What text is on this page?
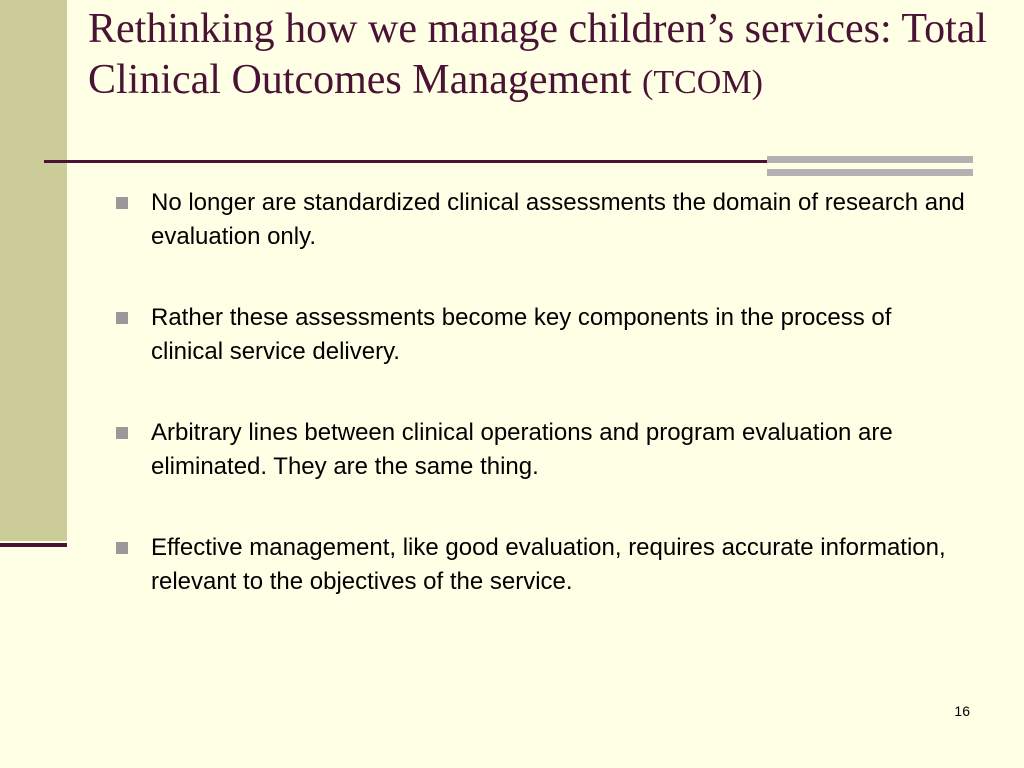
Rethinking how we manage children’s services: Total Clinical Outcomes Management (TCOM)
No longer are standardized clinical assessments the domain of research and evaluation only.
Rather these assessments become key components in the process of clinical service delivery.
Arbitrary lines between clinical operations and program evaluation are eliminated. They are the same thing.
Effective management, like good evaluation, requires accurate information, relevant to the objectives of the service.
16
